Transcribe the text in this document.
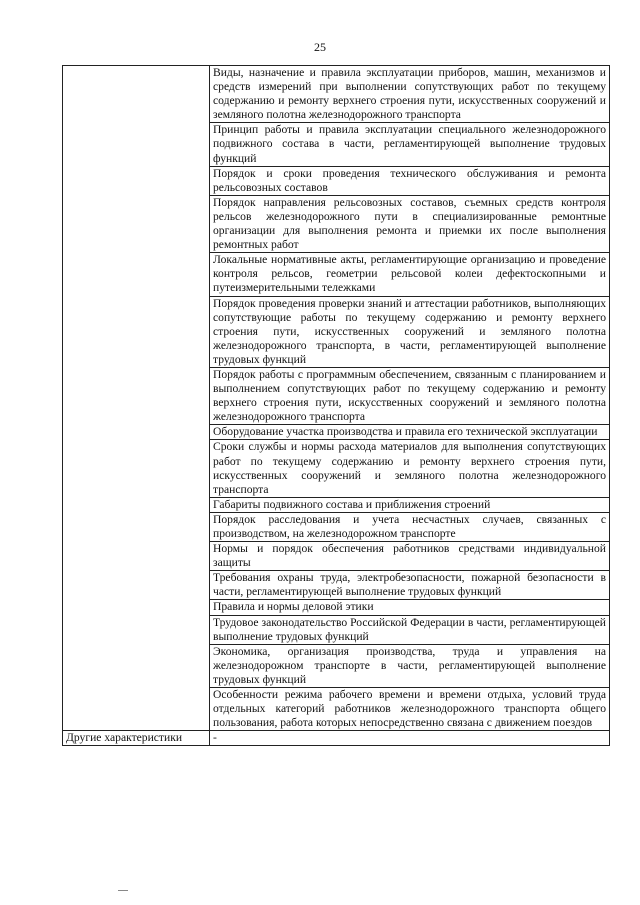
25
	Виды, назначение и правила эксплуатации приборов, машин, механизмов и средств измерений при выполнении сопутствующих работ по текущему содержанию и ремонту верхнего строения пути, искусственных сооружений и земляного полотна железнодорожного транспорта
	Принцип работы и правила эксплуатации специального железнодорожного подвижного состава в части, регламентирующей выполнение трудовых функций
	Порядок и сроки проведения технического обслуживания и ремонта рельсовозных составов
	Порядок направления рельсовозных составов, съемных средств контроля рельсов железнодорожного пути в специализированные ремонтные организации для выполнения ремонта и приемки их после выполнения ремонтных работ
	Локальные нормативные акты, регламентирующие организацию и проведение контроля рельсов, геометрии рельсовой колеи дефектоскопными и путеизмерительными тележками
	Порядок проведения проверки знаний и аттестации работников, выполняющих сопутствующие работы по текущему содержанию и ремонту верхнего строения пути, искусственных сооружений и земляного полотна железнодорожного транспорта, в части, регламентирующей выполнение трудовых функций
	Порядок работы с программным обеспечением, связанным с планированием и выполнением сопутствующих работ по текущему содержанию и ремонту верхнего строения пути, искусственных сооружений и земляного полотна железнодорожного транспорта
	Оборудование участка производства и правила его технической эксплуатации
	Сроки службы и нормы расхода материалов для выполнения сопутствующих работ по текущему содержанию и ремонту верхнего строения пути, искусственных сооружений и земляного полотна железнодорожного транспорта
	Габариты подвижного состава и приближения строений
	Порядок расследования и учета несчастных случаев, связанных с производством, на железнодорожном транспорте
	Нормы и порядок обеспечения работников средствами индивидуальной защиты
	Требования охраны труда, электробезопасности, пожарной безопасности в части, регламентирующей выполнение трудовых функций
	Правила и нормы деловой этики
	Трудовое законодательство Российской Федерации в части, регламентирующей выполнение трудовых функций
	Экономика, организация производства, труда и управления на железнодорожном транспорте в части, регламентирующей выполнение трудовых функций
	Особенности режима рабочего времени и времени отдыха, условий труда отдельных категорий работников железнодорожного транспорта общего пользования, работа которых непосредственно связана с движением поездов
Другие характеристики	-
